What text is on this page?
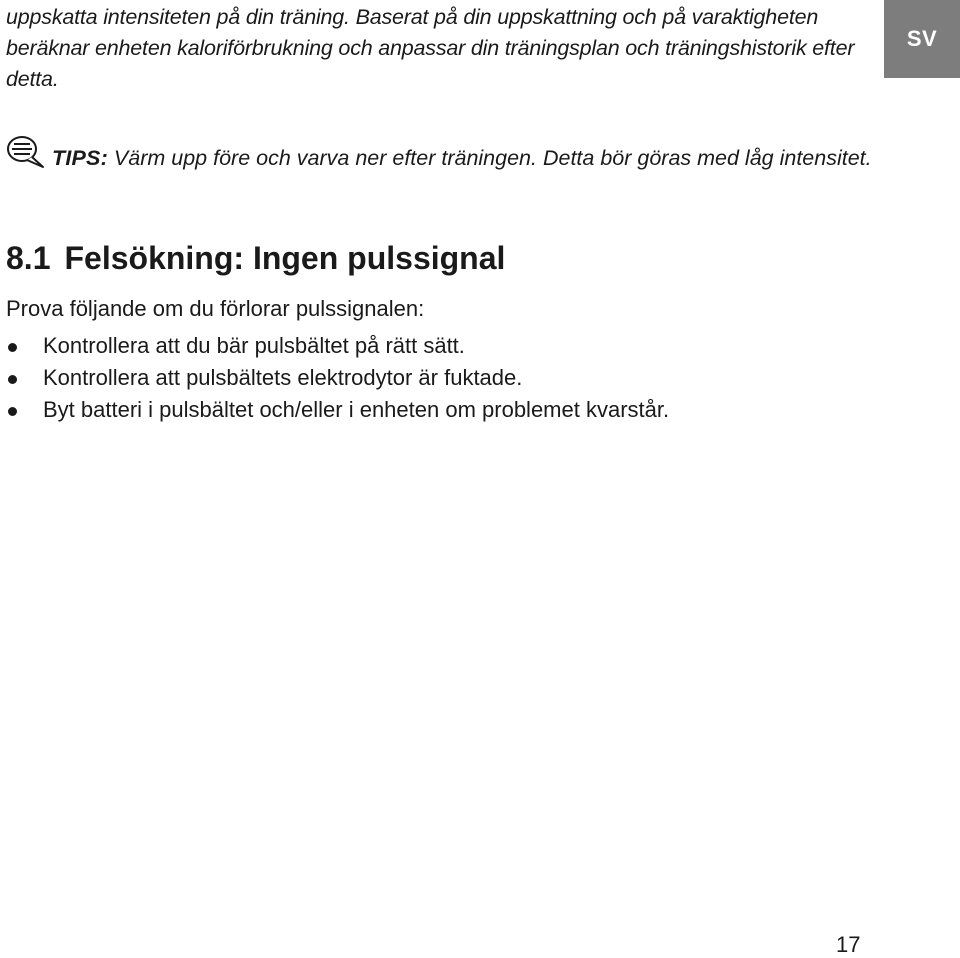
uppskatta intensiteten på din träning. Baserat på din uppskattning och på varaktigheten beräknar enheten kaloriförbrukning och anpassar din träningsplan och träningshistorik efter detta.

SV

TIPS: Värm upp före och varva ner efter träningen. Detta bör göras med låg intensitet.

8.1 Felsökning: Ingen pulssignal

Prova följande om du förlorar pulssignalen:

Kontrollera att du bär pulsbältet på rätt sätt.
Kontrollera att pulsbältets elektrodytor är fuktade.
Byt batteri i pulsbältet och/eller i enheten om problemet kvarstår.
17
